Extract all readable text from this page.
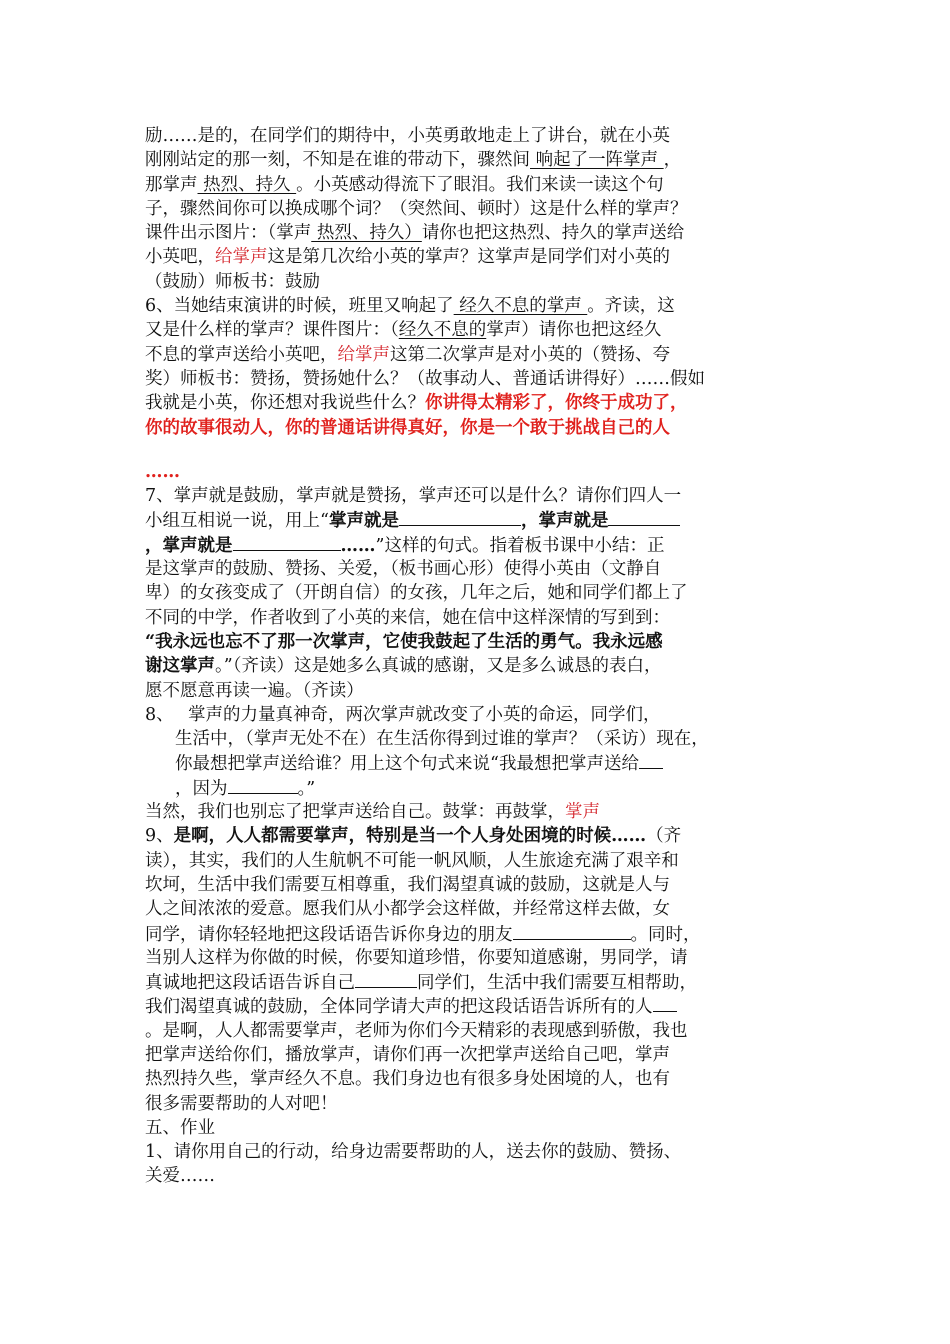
励……是的，在同学们的期待中，小英勇敢地走上了讲台，就在小英
刚刚站定的那一刻，不知是在谁的带动下，骤然间 响起了一阵掌声 ，
那掌声 热烈、持久 。小英感动得流下了眼泪。我们来读一读这个句
子，骤然间你可以换成哪个词？（突然间、顿时）这是什么样的掌声？
课件出示图片：（掌声 热烈、持久）请你也把这热烈、持久的掌声送给
小英吧，给掌声这是第几次给小英的掌声？这掌声是同学们对小英的
（鼓励）师板书：鼓励
6、当她结束演讲的时候，班里又响起了 经久不息的掌声 。齐读，这
又是什么样的掌声？课件图片：（经久不息的掌声）请你也把这经久
不息的掌声送给小英吧，给掌声这第二次掌声是对小英的（赞扬、夸
奖）师板书：赞扬，赞扬她什么？（故事动人、普通话讲得好）……假如
我就是小英，你还想对我说些什么？你讲得太精彩了，你终于成功了，
你的故事很动人，你的普通话讲得真好，你是一个敢于挑战自己的人
……
7、掌声就是鼓励，掌声就是赞扬，掌声还可以是什么？请你们四人一
小组互相说一说，用上“掌声就是	，掌声就是
，掌声就是	……”这样的句式。指着板书课中小结：正
是这掌声的鼓励、赞扬、关爱，（板书画心形）使得小英由（文静自
卑）的女孩变成了（开朗自信）的女孩，几年之后，她和同学们都上了
不同的中学，作者收到了小英的来信，她在信中这样深情的写到到：
“我永远也忘不了那一次掌声，它使我鼓起了生活的勇气。我永远感
谢这掌声。”（齐读）这是她多么真诚的感谢，又是多么诚恳的表白，
愿不愿意再读一遍。（齐读）
8、　 掌声的力量真神奇，两次掌声就改变了小英的命运，同学们，
生活中，（掌声无处不在）在生活你得到过谁的掌声？（采访）现在，
你最想把掌声送给谁？用上这个句式来说“我最想把掌声送给
，因为	。”
当然，我们也别忘了把掌声送给自己。鼓掌：再鼓掌，掌声
9、是啊，人人都需要掌声，特别是当一个人身处困境的时候……（齐
读），其实，我们的人生航帆不可能一帆风顺，人生旅途充满了艰辛和
坎坷，生活中我们需要互相尊重，我们渴望真诚的鼓励，这就是人与
人之间浓浓的爱意。愿我们从小都学会这样做，并经常这样去做，女
同学，请你轻轻地把这段话语告诉你身边的朋友	。同时，
当别人这样为你做的时候，你要知道珍惜，你要知道感谢，男同学，请
真诚地把这段话语告诉自己	同学们，生活中我们需要互相帮助，
我们渴望真诚的鼓励，全体同学请大声的把这段话语告诉所有的人
。是啊，人人都需要掌声，老师为你们今天精彩的表现感到骄傲，我也
把掌声送给你们，播放掌声，请你们再一次把掌声送给自己吧，掌声
热烈持久些，掌声经久不息。我们身边也有很多身处困境的人，也有
很多需要帮助的人对吧！
五、作业
1、请你用自己的行动，给身边需要帮助的人，送去你的鼓励、赞扬、
关爱……
